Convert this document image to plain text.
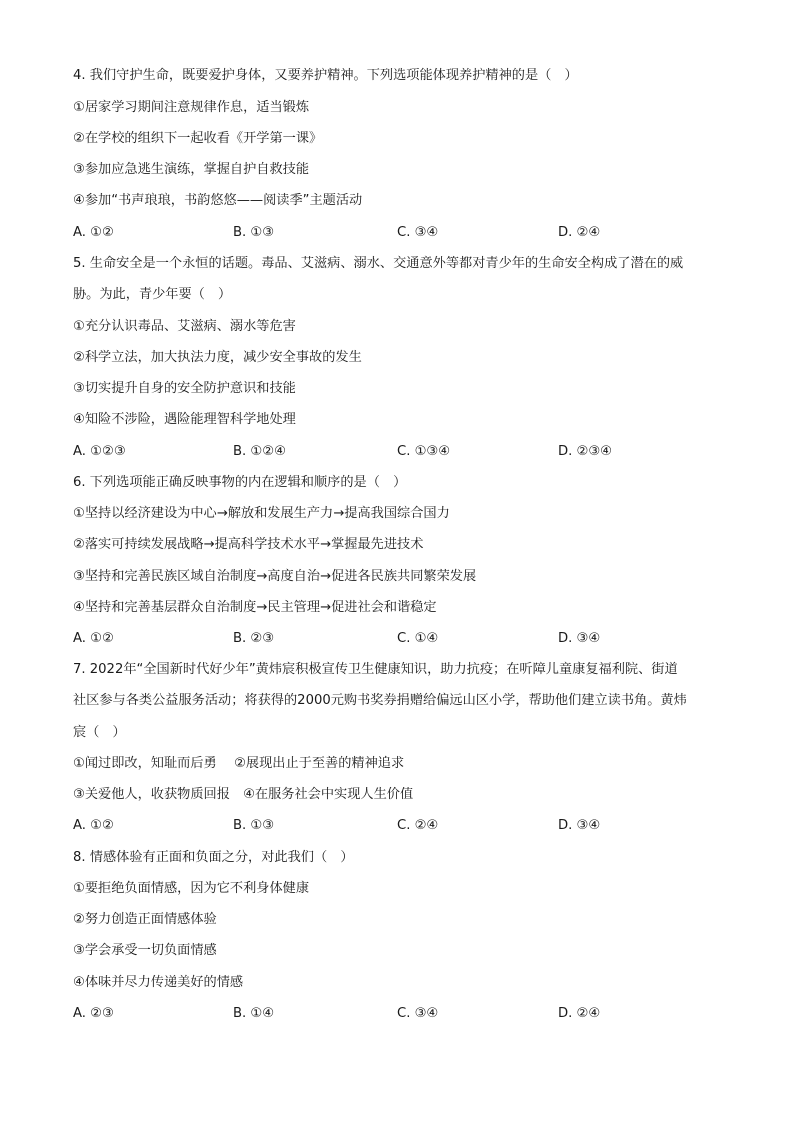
4. 我们守护生命，既要爱护身体，又要养护精神。下列选项能体现养护精神的是（　）
①居家学习期间注意规律作息，适当锻炼
②在学校的组织下一起收看《开学第一课》
③参加应急逃生演练，掌握自护自救技能
④参加“书声琅琅，书韵悠悠——阅读季”主题活动
A. ①②	B. ①③	C. ③④	D. ②④
5. 生命安全是一个永恒的话题。毒品、艾滋病、溺水、交通意外等都对青少年的生命安全构成了潜在的威
胁。为此，青少年要（　）
①充分认识毒品、艾滋病、溺水等危害
②科学立法，加大执法力度，减少安全事故的发生
③切实提升自身的安全防护意识和技能
④知险不涉险，遇险能理智科学地处理
A. ①②③	B. ①②④	C. ①③④	D. ②③④
6. 下列选项能正确反映事物的内在逻辑和顺序的是（　）
①坚持以经济建设为中心→解放和发展生产力→提高我国综合国力
②落实可持续发展战略→提高科学技术水平→掌握最先进技术
③坚持和完善民族区域自治制度→高度自治→促进各民族共同繁荣发展
④坚持和完善基层群众自治制度→民主管理→促进社会和谐稳定
A. ①②	B. ②③	C. ①④	D. ③④
7. 2022年“全国新时代好少年”黄炜宸积极宣传卫生健康知识，助力抗疫；在听障儿童康复福利院、街道
社区参与各类公益服务活动；将获得的2000元购书奖券捐赠给偏远山区小学，帮助他们建立读书角。黄炜
宸（　）
①闻过即改，知耻而后勇　 ②展现出止于至善的精神追求
③关爱他人，收获物质回报　④在服务社会中实现人生价值
A. ①②	B. ①③	C. ②④	D. ③④
8. 情感体验有正面和负面之分，对此我们（　）
①要拒绝负面情感，因为它不利身体健康
②努力创造正面情感体验
③学会承受一切负面情感
④体味并尽力传递美好的情感
A. ②③	B. ①④	C. ③④	D. ②④
